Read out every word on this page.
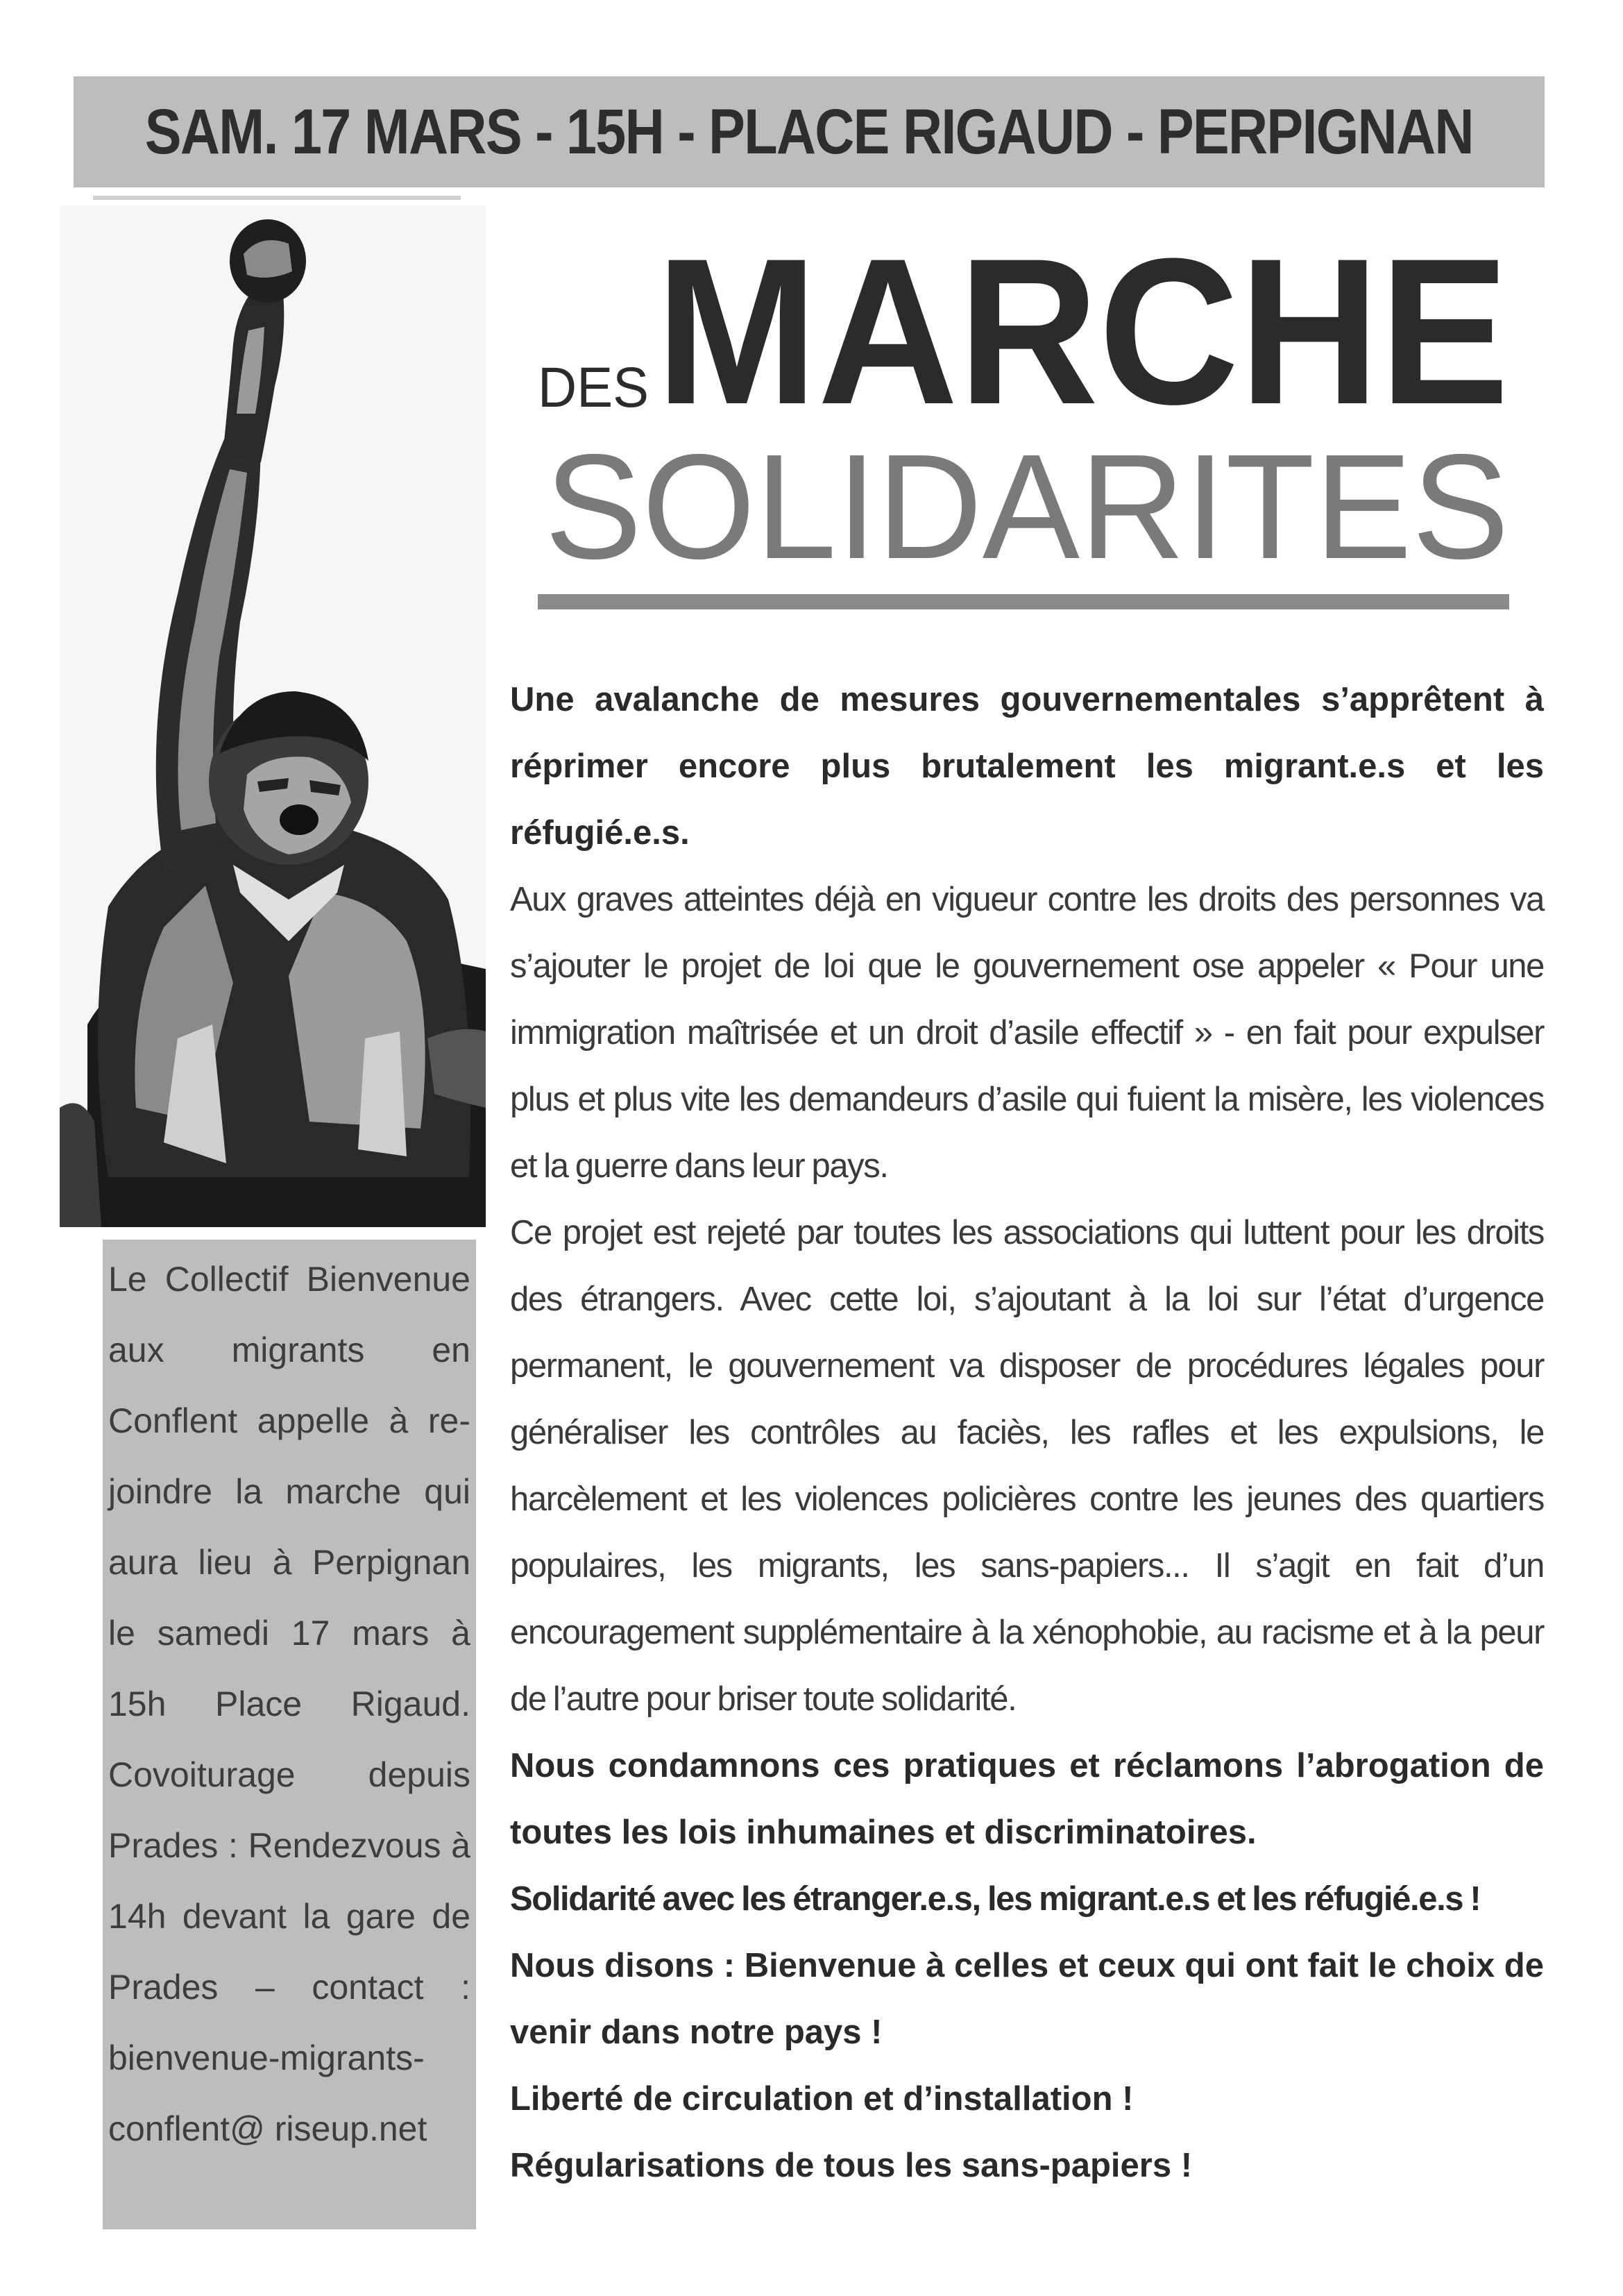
SAM. 17 MARS - 15H - PLACE RIGAUD - PERPIGNAN
DES MARCHE
SOLIDARITES

Le Collectif Bienvenue aux migrants en Conflent appelle à rejoindre la marche qui aura lieu à Perpignan le samedi 17 mars à 15h Place Rigaud. Covoiturage depuis Prades : Rendezvous à 14h devant la gare de Prades – contact : bienvenue-migrants-conflent@ riseup.net

Une avalanche de mesures gouvernementales s’apprêtent à réprimer encore plus brutalement les migrant.e.s et les réfugié.e.s.

Aux graves atteintes déjà en vigueur contre les droits des personnes va s’ajouter le projet de loi que le gouvernement ose appeler « Pour une immigration maîtrisée et un droit d’asile effectif » - en fait pour expulser plus et plus vite les demandeurs d’asile qui fuient la misère, les violences et la guerre dans leur pays.

Ce projet est rejeté par toutes les associations qui luttent pour les droits des étrangers. Avec cette loi, s’ajoutant à la loi sur l’état d’urgence permanent, le gouvernement va disposer de procédures légales pour généraliser les contrôles au faciès, les rafles et les expulsions, le harcèlement et les violences policières contre les jeunes des quartiers populaires, les migrants, les sans-papiers... Il s’agit en fait d’un encouragement supplémentaire à la xénophobie, au racisme et à la peur de l’autre pour briser toute solidarité.

Nous condamnons ces pratiques et réclamons l’abrogation de toutes les lois inhumaines et discriminatoires.

Solidarité avec les étranger.e.s, les migrant.e.s et les réfugié.e.s !

Nous disons : Bienvenue à celles et ceux qui ont fait le choix de venir dans notre pays !

Liberté de circulation et d’installation !

Régularisations de tous les sans-papiers !
